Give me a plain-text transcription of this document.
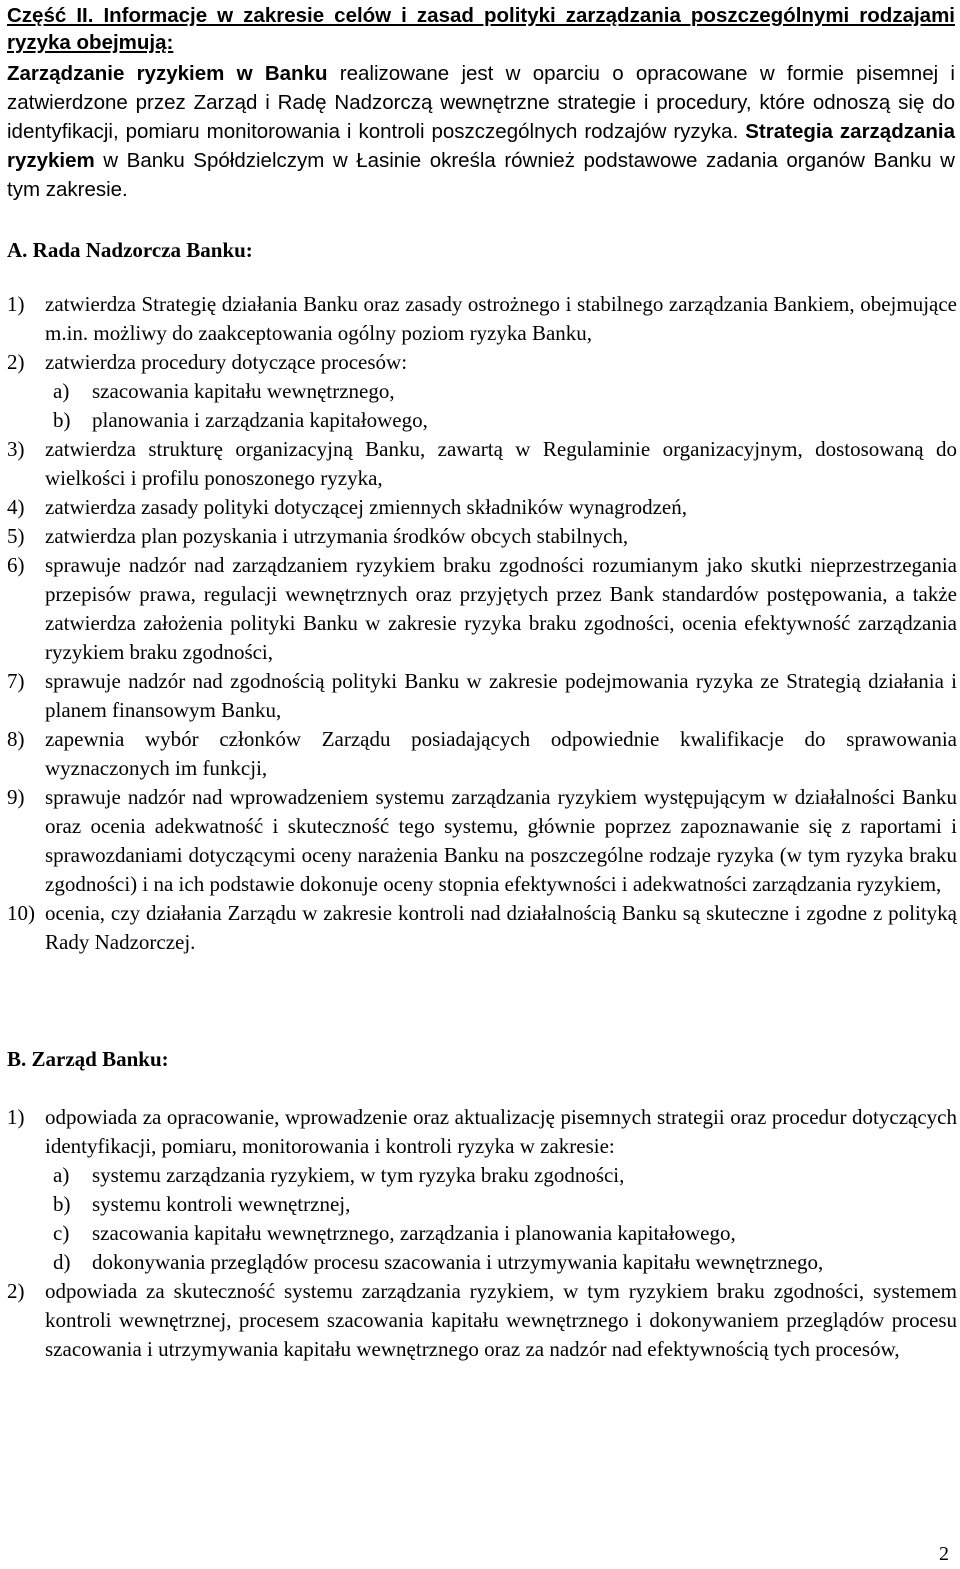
Część II. Informacje w zakresie celów i zasad polityki zarządzania poszczególnymi rodzajami ryzyka obejmują:
Zarządzanie ryzykiem w Banku realizowane jest w oparciu o opracowane w formie pisemnej i zatwierdzone przez Zarząd i Radę Nadzorczą wewnętrzne strategie i procedury, które odnoszą się do identyfikacji, pomiaru monitorowania i kontroli poszczególnych rodzajów ryzyka. Strategia zarządzania ryzykiem w Banku Spółdzielczym w Łasinie określa również podstawowe zadania organów Banku w tym zakresie.
A. Rada Nadzorcza Banku:
1) zatwierdza Strategię działania Banku oraz zasady ostrożnego i stabilnego zarządzania Bankiem, obejmujące m.in. możliwy do zaakceptowania ogólny poziom ryzyka Banku,
2) zatwierdza procedury dotyczące procesów:
a) szacowania kapitału wewnętrznego,
b) planowania i zarządzania kapitałowego,
3) zatwierdza strukturę organizacyjną Banku, zawartą w Regulaminie organizacyjnym, dostosowaną do wielkości i profilu ponoszonego ryzyka,
4) zatwierdza zasady polityki dotyczącej zmiennych składników wynagrodzeń,
5) zatwierdza plan pozyskania i utrzymania środków obcych stabilnych,
6) sprawuje nadzór nad zarządzaniem ryzykiem braku zgodności rozumianym jako skutki nieprzestrzegania przepisów prawa, regulacji wewnętrznych oraz przyjętych przez Bank standardów postępowania, a także zatwierdza założenia polityki Banku w zakresie ryzyka braku zgodności, ocenia efektywność zarządzania ryzykiem braku zgodności,
7) sprawuje nadzór nad zgodnością polityki Banku w zakresie podejmowania ryzyka ze Strategią działania i planem finansowym Banku,
8) zapewnia wybór członków Zarządu posiadających odpowiednie kwalifikacje do sprawowania wyznaczonych im funkcji,
9) sprawuje nadzór nad wprowadzeniem systemu zarządzania ryzykiem występującym w działalności Banku oraz ocenia adekwatność i skuteczność tego systemu, głównie poprzez zapoznawanie się z raportami i sprawozdaniami dotyczącymi oceny narażenia Banku na poszczególne rodzaje ryzyka (w tym ryzyka braku zgodności) i na ich podstawie dokonuje oceny stopnia efektywności i adekwatności zarządzania ryzykiem,
10) ocenia, czy działania Zarządu w zakresie kontroli nad działalnością Banku są skuteczne i zgodne z polityką Rady Nadzorczej.
B. Zarząd Banku:
1) odpowiada za opracowanie, wprowadzenie oraz aktualizację pisemnych strategii oraz procedur dotyczących identyfikacji, pomiaru, monitorowania i kontroli ryzyka w zakresie:
a) systemu zarządzania ryzykiem, w tym ryzyka braku zgodności,
b) systemu kontroli wewnętrznej,
c) szacowania kapitału wewnętrznego, zarządzania i planowania kapitałowego,
d) dokonywania przeglądów procesu szacowania i utrzymywania kapitału wewnętrznego,
2) odpowiada za skuteczność systemu zarządzania ryzykiem, w tym ryzykiem braku zgodności, systemem kontroli wewnętrznej, procesem szacowania kapitału wewnętrznego i dokonywaniem przeglądów procesu szacowania i utrzymywania kapitału wewnętrznego oraz za nadzór nad efektywnością tych procesów,
2
